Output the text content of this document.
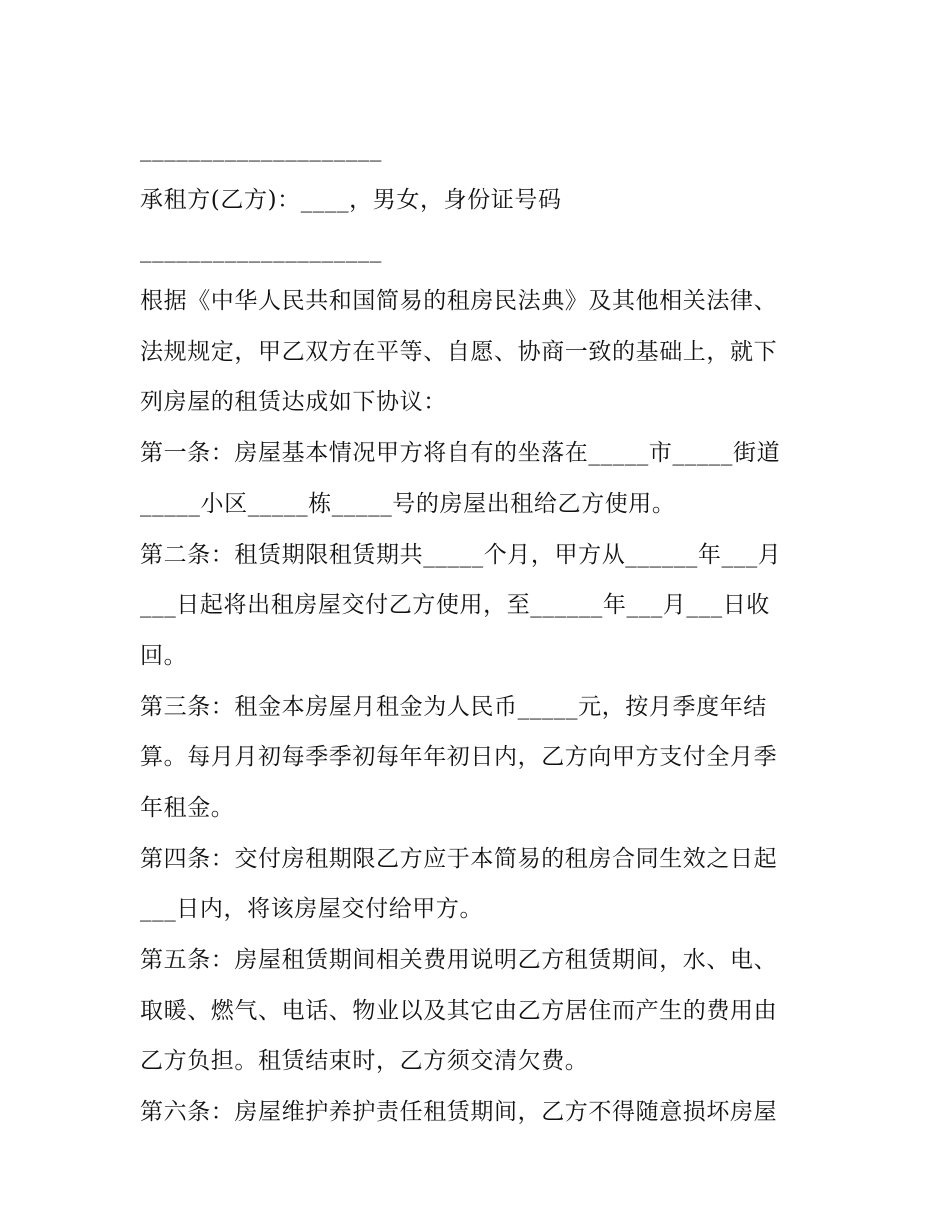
____________________
承租方(乙方)：____，男女，身份证号码
____________________
根据《中华人民共和国简易的租房民法典》及其他相关法律、
法规规定，甲乙双方在平等、自愿、协商一致的基础上，就下
列房屋的租赁达成如下协议：
第一条：房屋基本情况甲方将自有的坐落在_____市_____街道
_____小区_____栋_____号的房屋出租给乙方使用。
第二条：租赁期限租赁期共_____个月，甲方从______年___月
___日起将出租房屋交付乙方使用，至______年___月___日收
回。
第三条：租金本房屋月租金为人民币_____元，按月季度年结
算。每月月初每季季初每年年初日内，乙方向甲方支付全月季
年租金。
第四条：交付房租期限乙方应于本简易的租房合同生效之日起
___日内，将该房屋交付给甲方。
第五条：房屋租赁期间相关费用说明乙方租赁期间，水、电、
取暖、燃气、电话、物业以及其它由乙方居住而产生的费用由
乙方负担。租赁结束时，乙方须交清欠费。
第六条：房屋维护养护责任租赁期间，乙方不得随意损坏房屋
